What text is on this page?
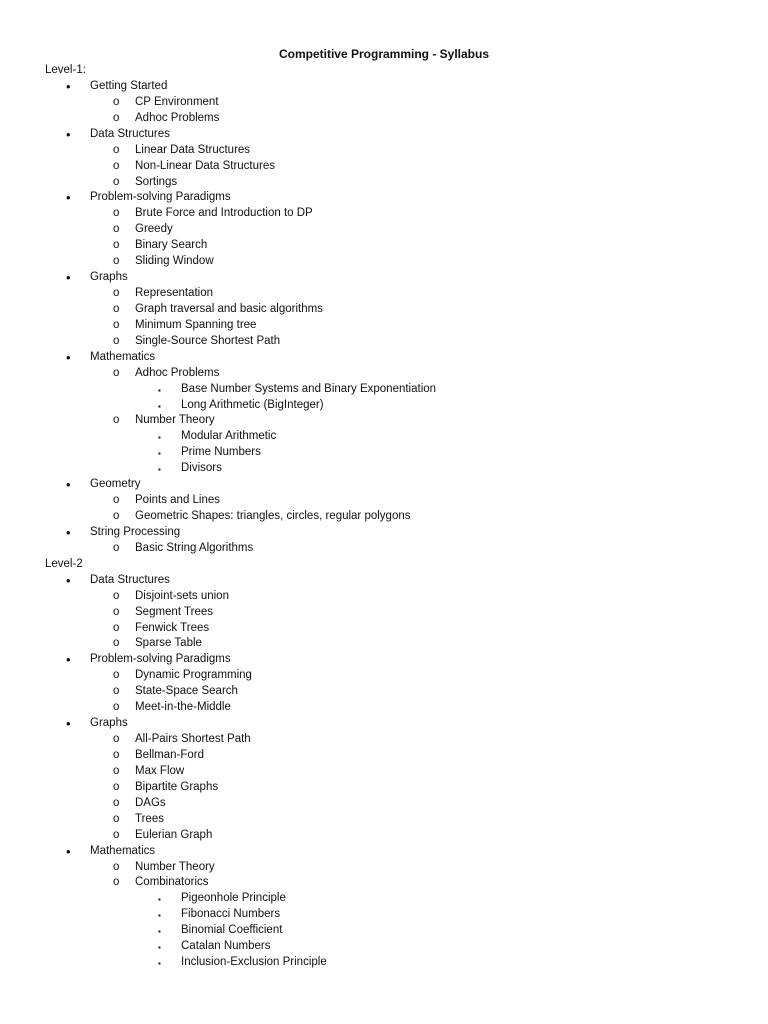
Competitive Programming - Syllabus
Level-1:
• Getting Started
o CP Environment
o Adhoc Problems
• Data Structures
o Linear Data Structures
o Non-Linear Data Structures
o Sortings
• Problem-solving Paradigms
o Brute Force and Introduction to DP
o Greedy
o Binary Search
o Sliding Window
• Graphs
o Representation
o Graph traversal and basic algorithms
o Minimum Spanning tree
o Single-Source Shortest Path
• Mathematics
o Adhoc Problems
▪ Base Number Systems and Binary Exponentiation
▪ Long Arithmetic (BigInteger)
o Number Theory
▪ Modular Arithmetic
▪ Prime Numbers
▪ Divisors
• Geometry
o Points and Lines
o Geometric Shapes: triangles, circles, regular polygons
• String Processing
o Basic String Algorithms
Level-2
• Data Structures
o Disjoint-sets union
o Segment Trees
o Fenwick Trees
o Sparse Table
• Problem-solving Paradigms
o Dynamic Programming
o State-Space Search
o Meet-in-the-Middle
• Graphs
o All-Pairs Shortest Path
o Bellman-Ford
o Max Flow
o Bipartite Graphs
o DAGs
o Trees
o Eulerian Graph
• Mathematics
o Number Theory
o Combinatorics
▪ Pigeonhole Principle
▪ Fibonacci Numbers
▪ Binomial Coefficient
▪ Catalan Numbers
▪ Inclusion-Exclusion Principle
